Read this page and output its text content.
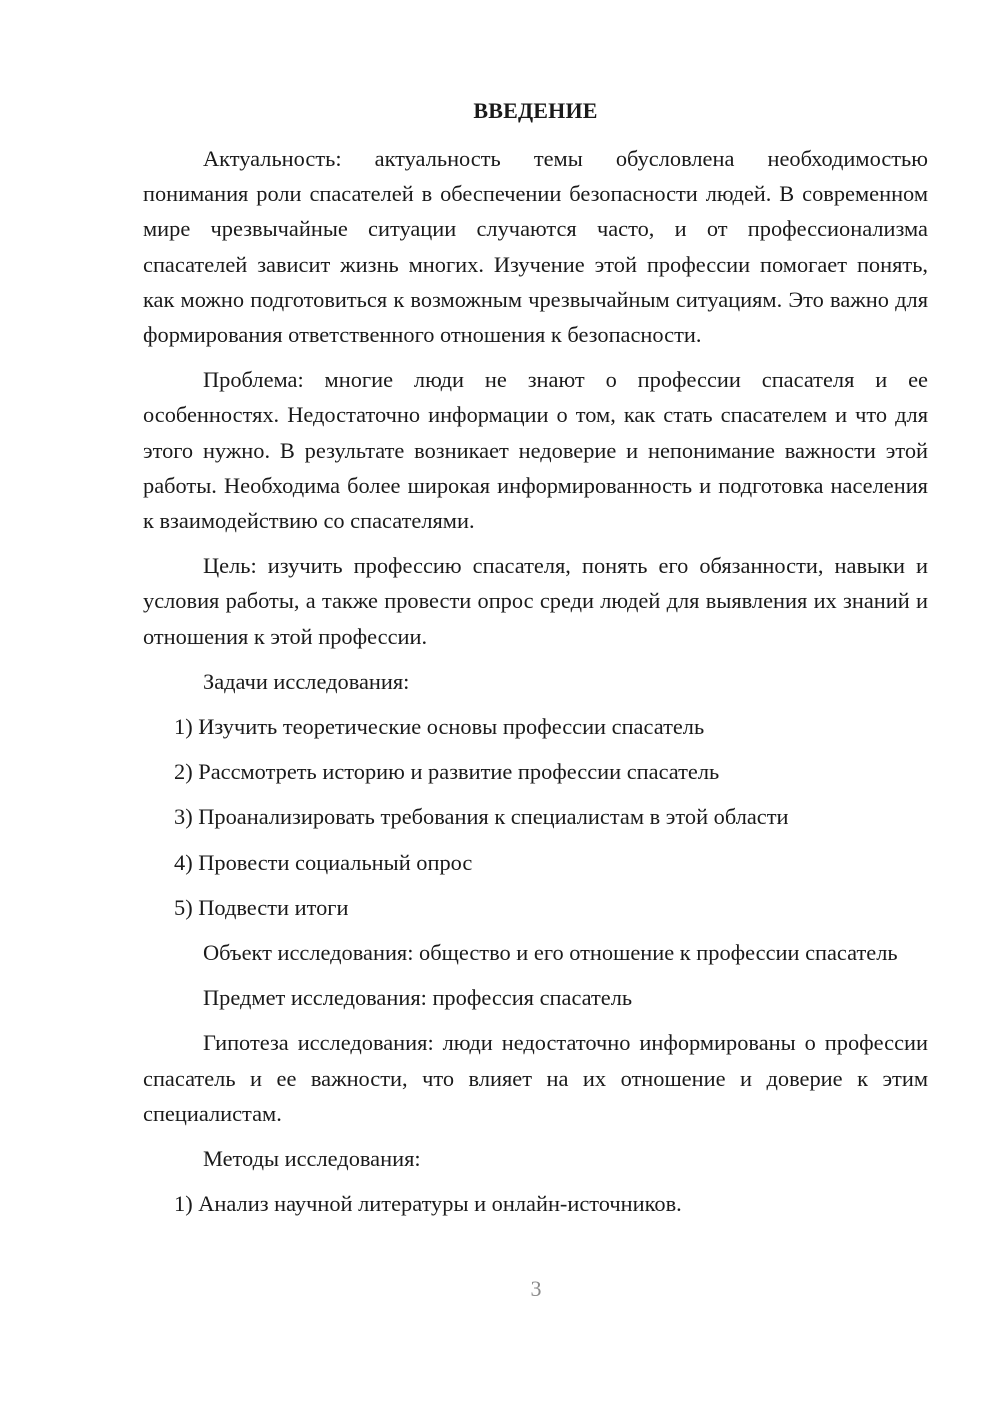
ВВЕДЕНИЕ

Актуальность: актуальность темы обусловлена необходимостью понимания роли спасателей в обеспечении безопасности людей. В современном мире чрезвычайные ситуации случаются часто, и от профессионализма спасателей зависит жизнь многих. Изучение этой профессии помогает понять, как можно подготовиться к возможным чрезвычайным ситуациям. Это важно для формирования ответственного отношения к безопасности.

Проблема: многие люди не знают о профессии спасателя и ее особенностях. Недостаточно информации о том, как стать спасателем и что для этого нужно. В результате возникает недоверие и непонимание важности этой работы. Необходима более широкая информированность и подготовка населения к взаимодействию со спасателями.

Цель: изучить профессию спасателя, понять его обязанности, навыки и условия работы, а также провести опрос среди людей для выявления их знаний и отношения к этой профессии.

Задачи исследования:

1) Изучить теоретические основы профессии спасатель

2) Рассмотреть историю и развитие профессии спасатель

3) Проанализировать требования к специалистам в этой области

4) Провести социальный опрос

5) Подвести итоги

Объект исследования: общество и его отношение к профессии спасатель

Предмет исследования: профессия спасатель

Гипотеза исследования: люди недостаточно информированы о профессии спасатель и ее важности, что влияет на их отношение и доверие к этим специалистам.

Методы исследования:

1) Анализ научной литературы и онлайн-источников.

3
